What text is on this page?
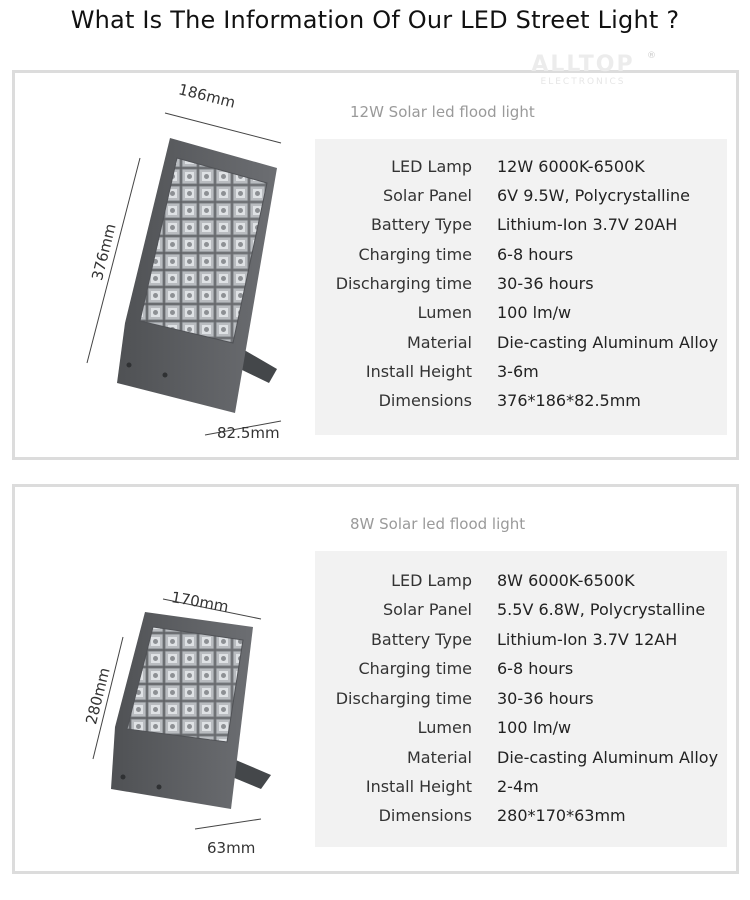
What Is The Information Of Our LED Street Light ?
ALLTOP
ELECTRONICS
®
12W Solar led flood light
186mm
376mm
82.5mm
LED Lamp 12W 6000K-6500K
Solar Panel 6V 9.5W, Polycrystalline
Battery Type Lithium-Ion 3.7V 20AH
Charging time 6-8 hours
Discharging time 30-36 hours
Lumen 100 lm/w
Material Die-casting Aluminum Alloy
Install Height 3-6m
Dimensions 376*186*82.5mm
8W Solar led flood light
170mm
280mm
63mm
LED Lamp 8W 6000K-6500K
Solar Panel 5.5V 6.8W, Polycrystalline
Battery Type Lithium-Ion 3.7V 12AH
Charging time 6-8 hours
Discharging time 30-36 hours
Lumen 100 lm/w
Material Die-casting Aluminum Alloy
Install Height 2-4m
Dimensions 280*170*63mm
